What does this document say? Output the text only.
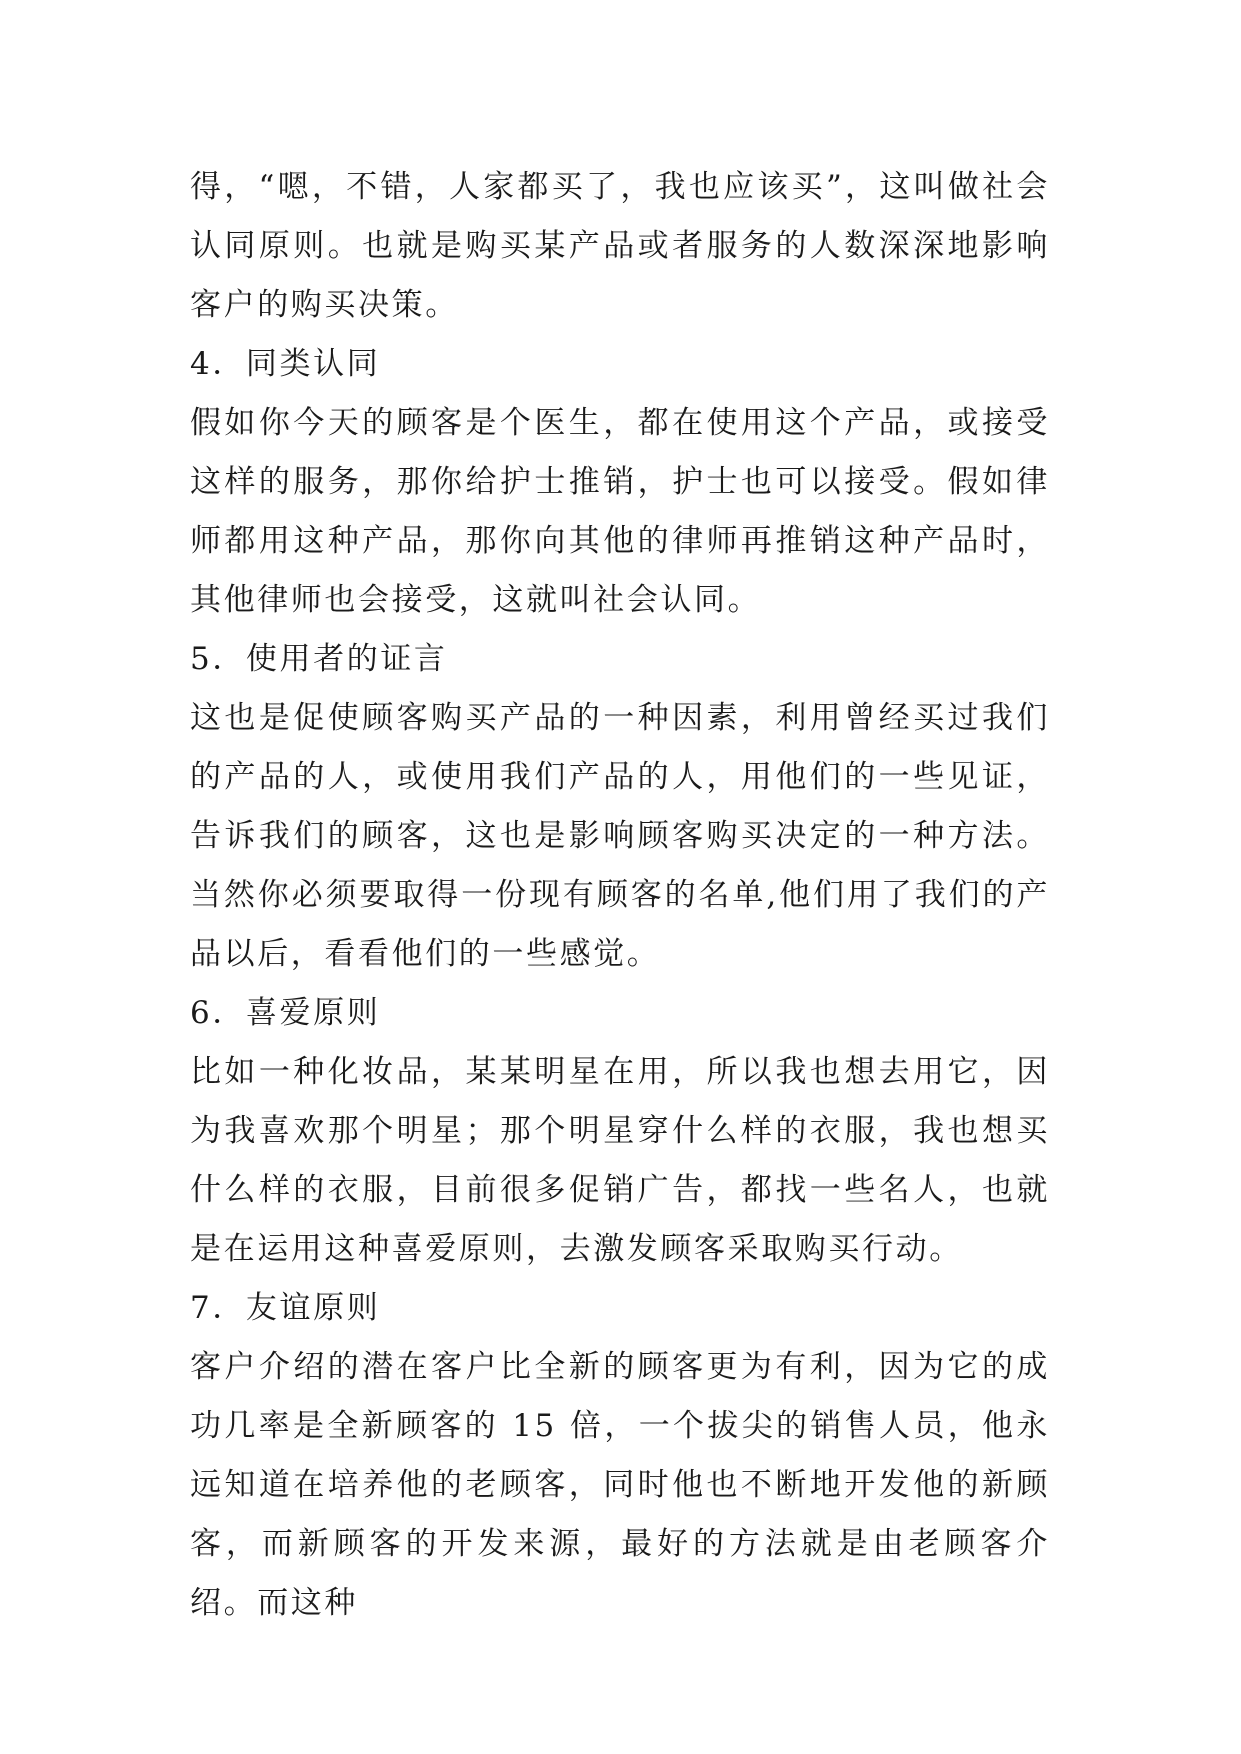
得，“嗯，不错，人家都买了，我也应该买”，这叫做社会认同原则。也就是购买某产品或者服务的人数深深地影响客户的购买决策。

4．同类认同

假如你今天的顾客是个医生，都在使用这个产品，或接受这样的服务，那你给护士推销，护士也可以接受。假如律师都用这种产品，那你向其他的律师再推销这种产品时，其他律师也会接受，这就叫社会认同。

5．使用者的证言

这也是促使顾客购买产品的一种因素，利用曾经买过我们的产品的人，或使用我们产品的人，用他们的一些见证，告诉我们的顾客，这也是影响顾客购买决定的一种方法。当然你必须要取得一份现有顾客的名单,他们用了我们的产品以后，看看他们的一些感觉。

6．喜爱原则

比如一种化妆品，某某明星在用，所以我也想去用它，因为我喜欢那个明星；那个明星穿什么样的衣服，我也想买什么样的衣服，目前很多促销广告，都找一些名人，也就是在运用这种喜爱原则，去激发顾客采取购买行动。

7．友谊原则

客户介绍的潜在客户比全新的顾客更为有利，因为它的成功几率是全新顾客的 15 倍，一个拔尖的销售人员，他永远知道在培养他的老顾客，同时他也不断地开发他的新顾客，而新顾客的开发来源，最好的方法就是由老顾客介绍。而这种
